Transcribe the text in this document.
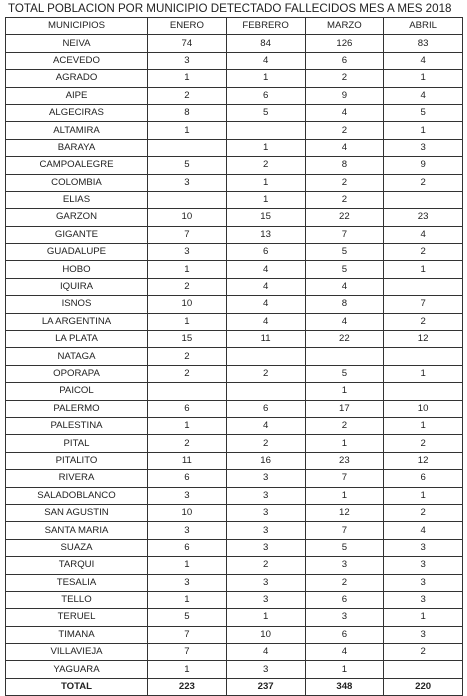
TOTAL POBLACION POR MUNICIPIO DETECTADO FALLECIDOS MES A MES 2018
MUNICIPIOS	ENERO	FEBRERO	MARZO	ABRIL
NEIVA	74	84	126	83
ACEVEDO	3	4	6	4
AGRADO	1	1	2	1
AIPE	2	6	9	4
ALGECIRAS	8	5	4	5
ALTAMIRA	1		2	1
BARAYA		1	4	3
CAMPOALEGRE	5	2	8	9
COLOMBIA	3	1	2	2
ELIAS		1	2	
GARZON	10	15	22	23
GIGANTE	7	13	7	4
GUADALUPE	3	6	5	2
HOBO	1	4	5	1
IQUIRA	2	4	4	
ISNOS	10	4	8	7
LA ARGENTINA	1	4	4	2
LA PLATA	15	11	22	12
NATAGA	2			
OPORAPA	2	2	5	1
PAICOL			1	
PALERMO	6	6	17	10
PALESTINA	1	4	2	1
PITAL	2	2	1	2
PITALITO	11	16	23	12
RIVERA	6	3	7	6
SALADOBLANCO	3	3	1	1
SAN AGUSTIN	10	3	12	2
SANTA MARIA	3	3	7	4
SUAZA	6	3	5	3
TARQUI	1	2	3	3
TESALIA	3	3	2	3
TELLO	1	3	6	3
TERUEL	5	1	3	1
TIMANA	7	10	6	3
VILLAVIEJA	7	4	4	2
YAGUARA	1	3	1	
TOTAL	223	237	348	220
